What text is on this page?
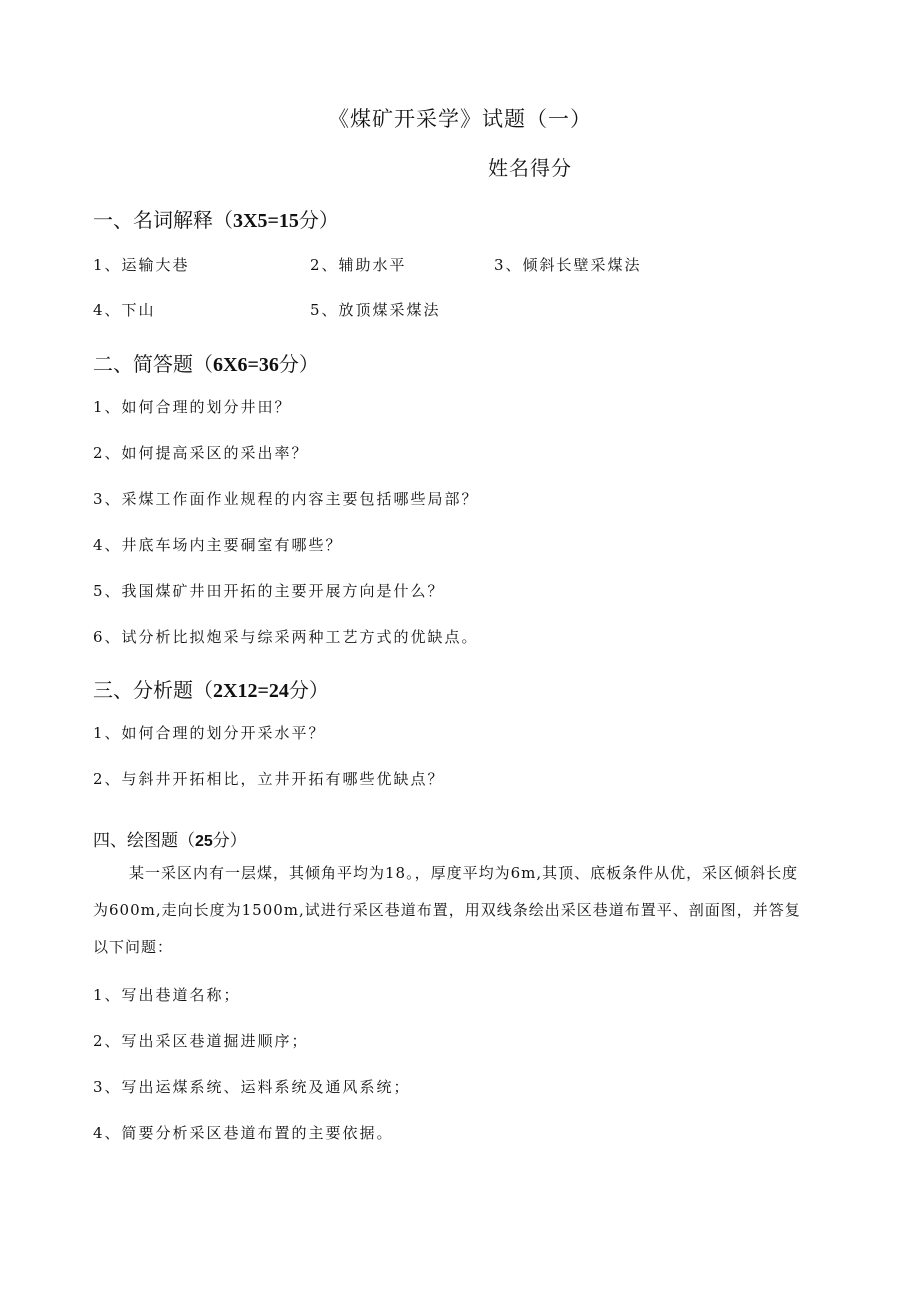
《煤矿开采学》试题（一）
姓名得分
一、名词解释（3X5=15分）
1、运输大巷	2、辅助水平	3、倾斜长壁采煤法
4、下山	5、放顶煤采煤法
二、简答题（6X6=36分）
1、如何合理的划分井田？
2、如何提高采区的采出率？
3、采煤工作面作业规程的内容主要包括哪些局部？
4、井底车场内主要硐室有哪些？
5、我国煤矿井田开拓的主要开展方向是什么？
6、试分析比拟炮采与综采两种工艺方式的优缺点。
三、分析题（2X12=24分）
1、如何合理的划分开采水平？
2、与斜井开拓相比，立井开拓有哪些优缺点？
四、绘图题（25分）

某一采区内有一层煤，其倾角平均为18。，厚度平均为6m,其顶、底板条件从优，采区倾斜长度为600m,走向长度为1500m,试进行采区巷道布置，用双线条绘出采区巷道布置平、剖面图，并答复以下问题：

1、写出巷道名称；
2、写出采区巷道掘进顺序；
3、写出运煤系统、运料系统及通风系统；
4、简要分析采区巷道布置的主要依据。
